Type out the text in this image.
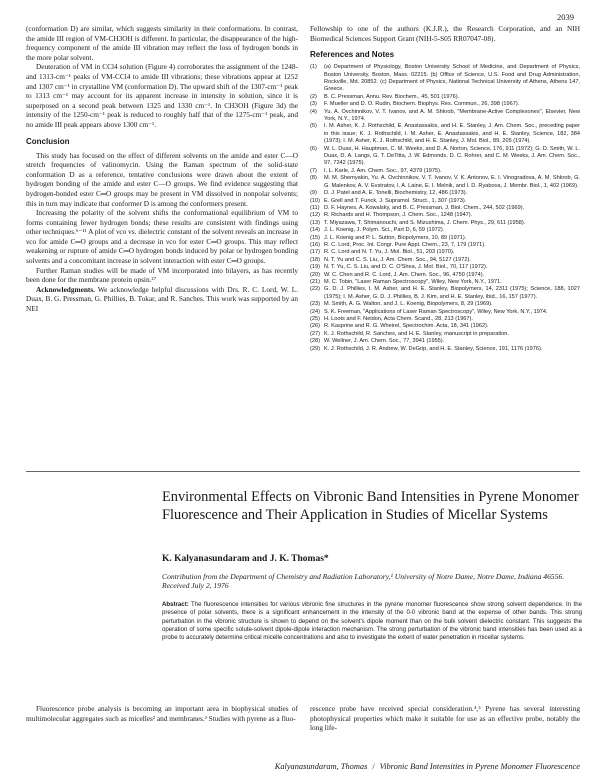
2039

(conformation D) are similar, which suggests similarity in their conformations. In contrast, the amide III region of VM-CH3OH is different. In particular, the disappearance of the high-frequency component of the amide III vibration may reflect the loss of hydrogen bonds in the more polar solvent.

Deuteration of VM in CCl4 solution (Figure 4) corroborates the assignment of the 1248- and 1313-cm⁻¹ peaks of VM-CCl4 to amide III vibrations; these vibrations appear at 1252 and 1307 cm⁻¹ in crystalline VM (conformation D). The upward shift of the 1307-cm⁻¹ peak to 1313 cm⁻¹ may account for its apparent increase in intensity in solution, since it is superposed on a second peak between 1325 and 1330 cm⁻¹. In CH3OH (Figure 3d) the intensity of the 1250-cm⁻¹ peak is reduced to roughly half that of the 1275-cm⁻¹ peak, and no amide III peak appears above 1300 cm⁻¹.

Conclusion

This study has focused on the effect of different solvents on the amide and ester C—O stretch frequencies of valinomycin. Using the Raman spectrum of the solid-state conformation D as a reference, tentative conclusions were drawn about the extent of hydrogen bonding of the amide and ester C—O groups. We find evidence suggesting that hydrogen-bonded ester C═O groups may be present in VM dissolved in nonpolar solvents; this in turn may indicate that conformer D is among the conformers present.

Increasing the polarity of the solvent shifts the conformational equilibrium of VM to forms containing fewer hydrogen bonds; these results are consistent with findings using other techniques.⁶⁻¹¹ A plot of νco vs. dielectric constant of the solvent reveals an increase in νco for amide C═O groups and a decrease in νco for ester C═O groups. This may reflect weakening or rupture of amide C═O hydrogen bonds induced by polar or hydrogen bonding solvents and a concomitant increase in solvent interaction with ester C═O groups.

Further Raman studies will be made of VM incorporated into bilayers, as has recently been done for the membrane protein opsin.²⁷

Acknowledgments. We acknowledge helpful discussions with Drs. R. C. Lord, W. L. Duax, B. G. Pressman, G. Phillies, B. Tokar, and R. Sanches. This work was supported by an NEI

Fellowship to one of the authors (K.J.R.), the Research Corporation, and an NIH Biomedical Sciences Support Grant (NIH-5-S05 RR07047-08).

References and Notes
(1)	(a) Department of Physiology, Boston University School of Medicine, and Department of Physics, Boston University, Boston, Mass. 02215. (b) Office of Science, U.S. Food and Drug Administration, Rockville, Md. 20852. (c) Department of Physics, National Technical University of Athens, Athens 147, Greece.
(2)	B. C. Pressman, Annu. Rev. Biochem., 45, 501 (1976).
(3)	F. Mueller and D. O. Rudin, Biochem. Biophys. Res. Commun., 26, 398 (1967).
(4)	Yu. A. Ovchinnikov, V. T. Ivanov, and A. M. Shkrob, "Membrane-Active Complexones", Elsevier, New York, N.Y., 1974.
(5)	I. M. Asher, K. J. Rothschild, E. Anastassakis, and H. E. Stanley, J. Am. Chem. Soc., preceding paper in this issue; K. J. Rothschild, I. M. Asher, E. Anastassakis, and H. E. Stanley, Science, 182, 384 (1973); I. M. Asher, K. J. Rothschild, and H. E. Stanley, J. Mol. Biol., 89, 205 (1974).
(6)	W. L. Duax, H. Hauptman, C. M. Weeks, and D. A. Norton, Science, 176, 911 (1972); G. D. Smith, W. L. Duax, D. A. Langs, G. T. DeTitta, J. W. Edmonds, D. C. Rohrer, and C. M. Weeks, J. Am. Chem. Soc., 97, 7242 (1975).
(7)	I. L. Karle, J. Am. Chem. Soc., 97, 4379 (1975).
(8)	M. M. Shemyakin, Yu. A. Ovchinnikov, V. T. Ivanov, V. K. Antonov, E. I. Vinogradova, A. M. Shkrob, G. G. Malenkov, A. V. Evstratov, I. A. Laine, E. I. Melnik, and I. D. Ryabova, J. Membr. Biol., 1, 402 (1969).
(9)	D. J. Patel and A. E. Tonelli, Biochemistry, 12, 486 (1973).
(10) E. Grell and T. Funck, J. Supramol. Struct., 1, 307 (1973).
(11) D. F. Haynes, A. Kowalsky, and B. C. Pressman, J. Biol. Chem., 244, 502 (1969).
(12) R. Richards and H. Thompson, J. Chem. Soc., 1248 (1947).
(13) T. Miyazawa, T. Shimanouchi, and S. Mizushima, J. Chem. Phys., 29, 611 (1958).
(14) J. L. Koenig, J. Polym. Sci., Part D, 6, 59 (1972).
(15) J. L. Koenig and P. L. Sutton, Biopolymers, 10, 89 (1971).
(16) R. C. Lord, Proc. Int. Congr. Pure Appl. Chem., 23, 7, 179 (1971).
(17) R. C. Lord and N. T. Yu, J. Mol. Biol., 51, 203 (1970).
(18) N. T. Yu and C. S. Liu, J. Am. Chem. Soc., 94, 5127 (1972).
(19) N. T. Yu, C. S. Liu, and D. C. O'Shea, J. Mol. Biol., 70, 117 (1972).
(20) W. C. Chen and R. C. Lord, J. Am. Chem. Soc., 96, 4750 (1974).
(21) M. C. Tobin, "Laser Raman Spectroscopy", Wiley, New York, N.Y., 1971.
(22) G. D. J. Phillies, I. M. Asher, and H. E. Stanley, Biopolymers, 14, 2311 (1975); Science, 188, 1027 (1975); I. M. Asher, G. D. J. Phillies, B. J. Kim, and H. E. Stanley, ibid., 16, 157 (1977).
(23) M. Smith, A. G. Walton, and J. L. Koenig, Biopolymers, 8, 29 (1969).
(24) S. K. Freeman, "Applications of Laser Raman Spectroscopy", Wiley, New York, N.Y., 1974.
(25) H. Loots and F. Neidon, Acta Chem. Scand., 28, 213 (1967).
(26) R. Kasprine and R. G. Wheirel, Spectrochim. Acta, 18, 341 (1962).
(27) K. J. Rothschild, R. Sanches, and H. E. Stanley, manuscript in preparation.
(28) W. Wellner, J. Am. Chem. Soc., 77, 3941 (1955).
(29) K. J. Rothschild, J. R. Andrew, W. DeGrip, and H. E. Stanley, Science, 191, 1176 (1976).
Environmental Effects on Vibronic Band Intensities in Pyrene Monomer Fluorescence and Their Application in Studies of Micellar Systems
K. Kalyanasundaram and J. K. Thomas*
Contribution from the Department of Chemistry and Radiation Laboratory,¹ University of Notre Dame, Notre Dame, Indiana 46556. Received July 2, 1976
Abstract: The fluorescence intensities for various vibronic fine structures in the pyrene monomer fluorescence show strong solvent dependence. In the presence of polar solvents, there is a significant enhancement in the intensity of the 0-0 vibronic band at the expense of other bands. This strong perturbation in the vibronic structure is shown to depend on the solvent's dipole moment than on the bulk solvent dielectric constant. This suggests the operation of some specific solute-solvent dipole-dipole interaction mechanism. The strong perturbation of the vibronic band intensities has been used as a probe to accurately determine critical micelle concentrations and also to investigate the extent of water penetration in micellar systems.

Fluorescence probe analysis is becoming an important area in biophysical studies of multimolecular aggregates such as micelles² and membranes.³ Studies with pyrene as a fluo-

rescence probe have received special consideration.⁴,⁵ Pyrene has several interesting photophysical properties which make it suitable for use as an effective probe, notably the long life-

Kalyanasundaram, Thomas / Vibronic Band Intensities in Pyrene Monomer Fluorescence
